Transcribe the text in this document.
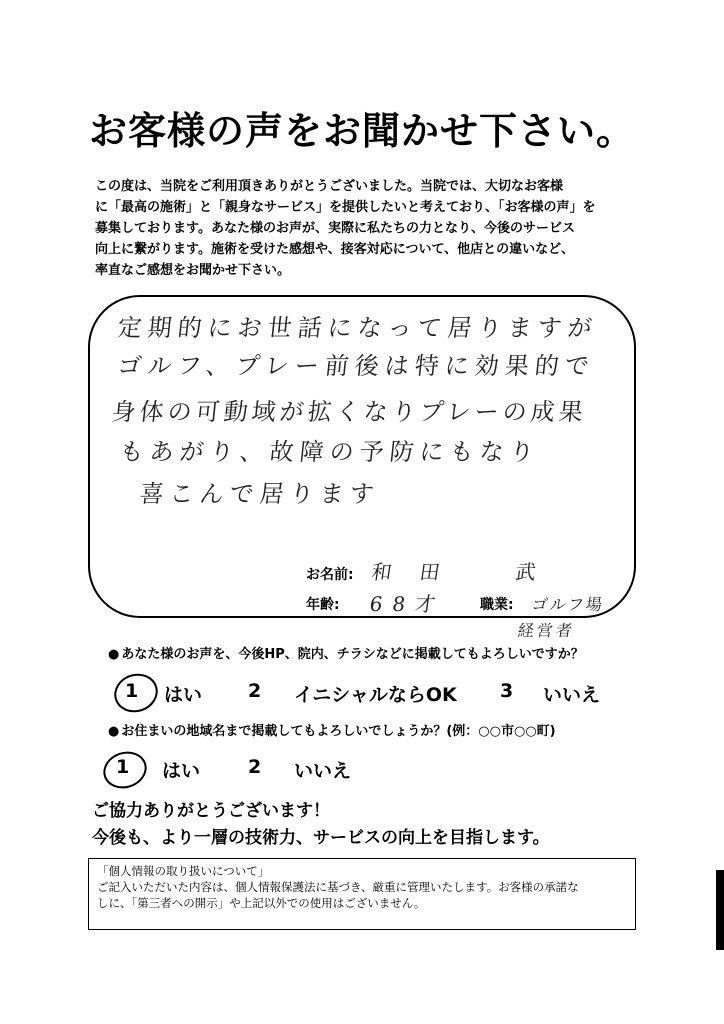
お客様の声をお聞かせ下さい。
この度は、当院をご利用頂きありがとうございました。当院では、大切なお客様
に「最高の施術」と「親身なサービス」を提供したいと考えており、「お客様の声」を
募集しております。あなた様のお声が、実際に私たちの力となり、今後のサービス
向上に繋がります。施術を受けた感想や、接客対応について、他店との違いなど、
率直なご感想をお聞かせ下さい。
定期的にお世話になって居りますが
ゴルフ、プレー前後は特に効果的で
身体の可動域が拡くなりプレーの成果
もあがり、故障の予防にもなり
喜こんで居ります
お名前: 和田　武
年齢: 68才 職業: ゴルフ場
経営者
● あなた様のお声を、今後HP、院内、チラシなどに掲載してもよろしいですか？
1 はい 2 イニシャルならOK 3 いいえ
● お住まいの地域名まで掲載してもよろしいでしょうか？(例：○○市○○町)
1 はい	2 いいえ
ご協力ありがとうございます！
今後も、より一層の技術力、サービスの向上を目指します。
「個人情報の取り扱いについて」
ご記入いただいた内容は、個人情報保護法に基づき、厳重に管理いたします。お客様の承諾な
しに、「第三者への開示」や上記以外での使用はございません。
